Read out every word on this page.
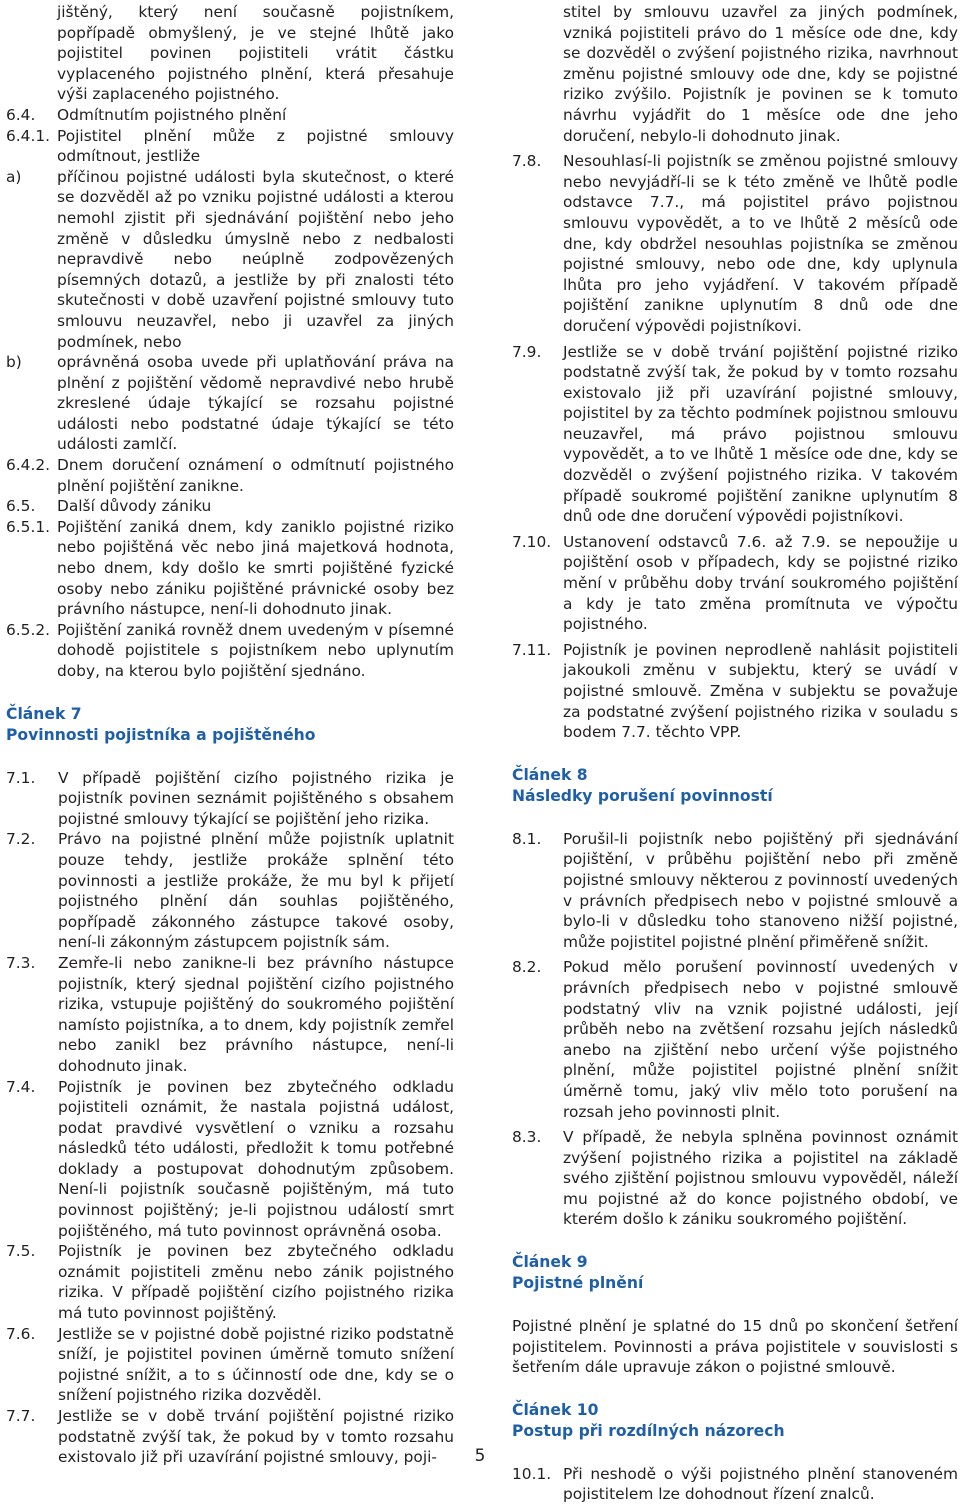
jištěný, který není současně pojistníkem, popřípadě obmyšlený, je ve stejné lhůtě jako pojistitel povinen pojistiteli vrátit částku vyplaceného pojistného plnění, která přesahuje výši zaplaceného pojistného.
6.4.	Odmítnutím pojistného plnění
6.4.1. Pojistitel plnění může z pojistné smlouvy odmítnout, jestliže
a)	příčinou pojistné události byla skutečnost, o které se dozvěděl až po vzniku pojistné události a kterou nemohl zjistit při sjednávání pojištění nebo jeho změně v důsledku úmyslně nebo z nedbalosti nepravdivě nebo neúplně zodpovězených písemných dotazů, a jestliže by při znalosti této skutečnosti v době uzavření pojistné smlouvy tuto smlouvu neuzavřel, nebo ji uzavřel za jiných podmínek, nebo
b)	oprávněná osoba uvede při uplatňování práva na plnění z pojištění vědomě nepravdivé nebo hrubě zkreslené údaje týkající se rozsahu pojistné události nebo podstatné údaje týkající se této události zamlčí.
6.4.2. Dnem doručení oznámení o odmítnutí pojistného plnění pojištění zanikne.
6.5.	Další důvody zániku
6.5.1. Pojištění zaniká dnem, kdy zaniklo pojistné riziko nebo pojištěná věc nebo jiná majetková hodnota, nebo dnem, kdy došlo ke smrti pojištěné fyzické osoby nebo zániku pojištěné právnické osoby bez právního nástupce, není-li dohodnuto jinak.
6.5.2. Pojištění zaniká rovněž dnem uvedeným v písemné dohodě pojistitele s pojistníkem nebo uplynutím doby, na kterou bylo pojištění sjednáno.
Článek 7
Povinnosti pojistníka a pojištěného
7.1.	V případě pojištění cizího pojistného rizika je pojistník povinen seznámit pojištěného s obsahem pojistné smlouvy týkající se pojištění jeho rizika.
7.2.	Právo na pojistné plnění může pojistník uplatnit pouze tehdy, jestliže prokáže splnění této povinnosti a jestliže prokáže, že mu byl k přijetí pojistného plnění dán souhlas pojištěného, popřípadě zákonného zástupce takové osoby, není-li zákonným zástupcem pojistník sám.
7.3.	Zemře-li nebo zanikne-li bez právního nástupce pojistník, který sjednal pojištění cizího pojistného rizika, vstupuje pojištěný do soukromého pojištění namísto pojistníka, a to dnem, kdy pojistník zemřel nebo zanikl bez právního nástupce, není-li dohodnuto jinak.
7.4.	Pojistník je povinen bez zbytečného odkladu pojistiteli oznámit, že nastala pojistná událost, podat pravdivé vysvětlení o vzniku a rozsahu následků této události, předložit k tomu potřebné doklady a postupovat dohodnutým způsobem. Není-li pojistník současně pojištěným, má tuto povinnost pojištěný; je-li pojistnou událostí smrt pojištěného, má tuto povinnost oprávněná osoba.
7.5.	Pojistník je povinen bez zbytečného odkladu oznámit pojistiteli změnu nebo zánik pojistného rizika. V případě pojištění cizího pojistného rizika má tuto povinnost pojištěný.
7.6.	Jestliže se v pojistné době pojistné riziko podstatně sníží, je pojistitel povinen úměrně tomuto snížení pojistné snížit, a to s účinností ode dne, kdy se o snížení pojistného rizika dozvěděl.
7.7.	Jestliže se v době trvání pojištění pojistné riziko podstatně zvýší tak, že pokud by v tomto rozsahu existovalo již při uzavírání pojistné smlouvy, poji-
stitel by smlouvu uzavřel za jiných podmínek, vzniká pojistiteli právo do 1 měsíce ode dne, kdy se dozvěděl o zvýšení pojistného rizika, navrhnout změnu pojistné smlouvy ode dne, kdy se pojistné riziko zvýšilo. Pojistník je povinen se k tomuto návrhu vyjádřit do 1 měsíce ode dne jeho doručení, nebylo-li dohodnuto jinak.
7.8.	Nesouhlasí-li pojistník se změnou pojistné smlouvy nebo nevyjádří-li se k této změně ve lhůtě podle odstavce 7.7., má pojistitel právo pojistnou smlouvu vypovědět, a to ve lhůtě 2 měsíců ode dne, kdy obdržel nesouhlas pojistníka se změnou pojistné smlouvy, nebo ode dne, kdy uplynula lhůta pro jeho vyjádření. V takovém případě pojištění zanikne uplynutím 8 dnů ode dne doručení výpovědi pojistníkovi.
7.9.	Jestliže se v době trvání pojištění pojistné riziko podstatně zvýší tak, že pokud by v tomto rozsahu existovalo již při uzavírání pojistné smlouvy, pojistitel by za těchto podmínek pojistnou smlouvu neuzavřel, má právo pojistnou smlouvu vypovědět, a to ve lhůtě 1 měsíce ode dne, kdy se dozvěděl o zvýšení pojistného rizika. V takovém případě soukromé pojištění zanikne uplynutím 8 dnů ode dne doručení výpovědi pojistníkovi.
7.10. Ustanovení odstavců 7.6. až 7.9. se nepoužije u pojištění osob v případech, kdy se pojistné riziko mění v průběhu doby trvání soukromého pojištění a kdy je tato změna promítnuta ve výpočtu pojistného.
7.11. Pojistník je povinen neprodleně nahlásit pojistiteli jakoukoli změnu v subjektu, který se uvádí v pojistné smlouvě. Změna v subjektu se považuje za podstatné zvýšení pojistného rizika v souladu s bodem 7.7. těchto VPP.
Článek 8
Následky porušení povinností
8.1.	Porušil-li pojistník nebo pojištěný při sjednávání pojištění, v průběhu pojištění nebo při změně pojistné smlouvy některou z povinností uvedených v právních předpisech nebo v pojistné smlouvě a bylo-li v důsledku toho stanoveno nižší pojistné, může pojistitel pojistné plnění přiměřeně snížit.
8.2.	Pokud mělo porušení povinností uvedených v právních předpisech nebo v pojistné smlouvě podstatný vliv na vznik pojistné události, její průběh nebo na zvětšení rozsahu jejích následků anebo na zjištění nebo určení výše pojistného plnění, může pojistitel pojistné plnění snížit úměrně tomu, jaký vliv mělo toto porušení na rozsah jeho povinnosti plnit.
8.3.	V případě, že nebyla splněna povinnost oznámit zvýšení pojistného rizika a pojistitel na základě svého zjištění pojistnou smlouvu vypověděl, náleží mu pojistné až do konce pojistného období, ve kterém došlo k zániku soukromého pojištění.
Článek 9
Pojistné plnění
Pojistné plnění je splatné do 15 dnů po skončení šetření pojistitelem. Povinnosti a práva pojistitele v souvislosti s šetřením dále upravuje zákon o pojistné smlouvě.
Článek 10
Postup při rozdílných názorech
10.1. Při neshodě o výši pojistného plnění stanoveném pojistitelem lze dohodnout řízení znalců.
5
